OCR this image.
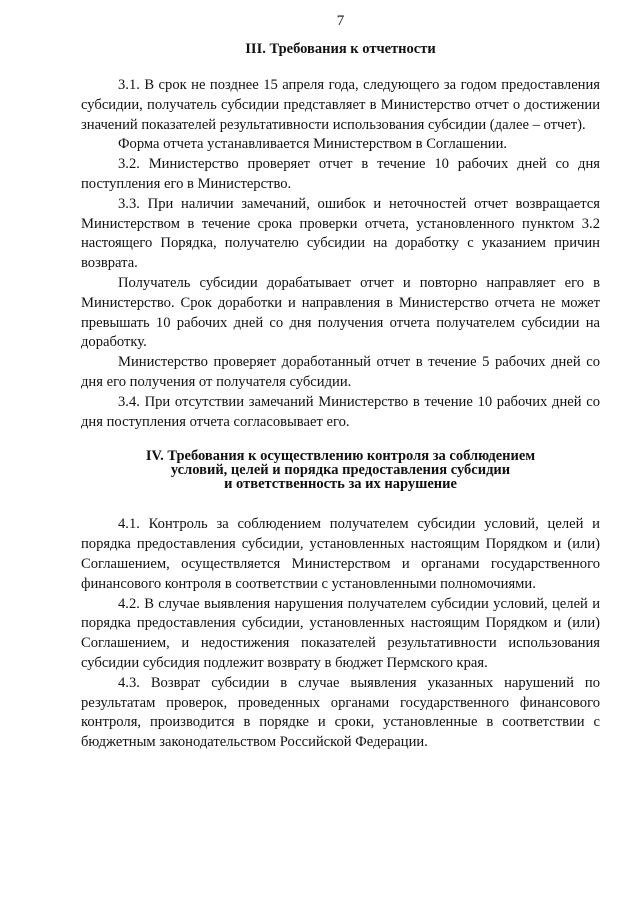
7
III. Требования к отчетности

3.1. В срок не позднее 15 апреля года, следующего за годом предоставления субсидии, получатель субсидии представляет в Министерство отчет о достижении значений показателей результативности использования субсидии (далее – отчет).

Форма отчета устанавливается Министерством в Соглашении.

3.2. Министерство проверяет отчет в течение 10 рабочих дней со дня поступления его в Министерство.

3.3. При наличии замечаний, ошибок и неточностей отчет возвращается Министерством в течение срока проверки отчета, установленного пунктом 3.2 настоящего Порядка, получателю субсидии на доработку с указанием причин возврата.

Получатель субсидии дорабатывает отчет и повторно направляет его в Министерство. Срок доработки и направления в Министерство отчета не может превышать 10 рабочих дней со дня получения отчета получателем субсидии на доработку.

Министерство проверяет доработанный отчет в течение 5 рабочих дней со дня его получения от получателя субсидии.

3.4. При отсутствии замечаний Министерство в течение 10 рабочих дней со дня поступления отчета согласовывает его.

IV. Требования к осуществлению контроля за соблюдением
условий, целей и порядка предоставления субсидии
и ответственность за их нарушение

4.1. Контроль за соблюдением получателем субсидии условий, целей и порядка предоставления субсидии, установленных настоящим Порядком и (или) Соглашением, осуществляется Министерством и органами государственного финансового контроля в соответствии с установленными полномочиями.

4.2. В случае выявления нарушения получателем субсидии условий, целей и порядка предоставления субсидии, установленных настоящим Порядком и (или) Соглашением, и недостижения показателей результативности использования субсидии субсидия подлежит возврату в бюджет Пермского края.

4.3. Возврат субсидии в случае выявления указанных нарушений по результатам проверок, проведенных органами государственного финансового контроля, производится в порядке и сроки, установленные в соответствии с бюджетным законодательством Российской Федерации.
